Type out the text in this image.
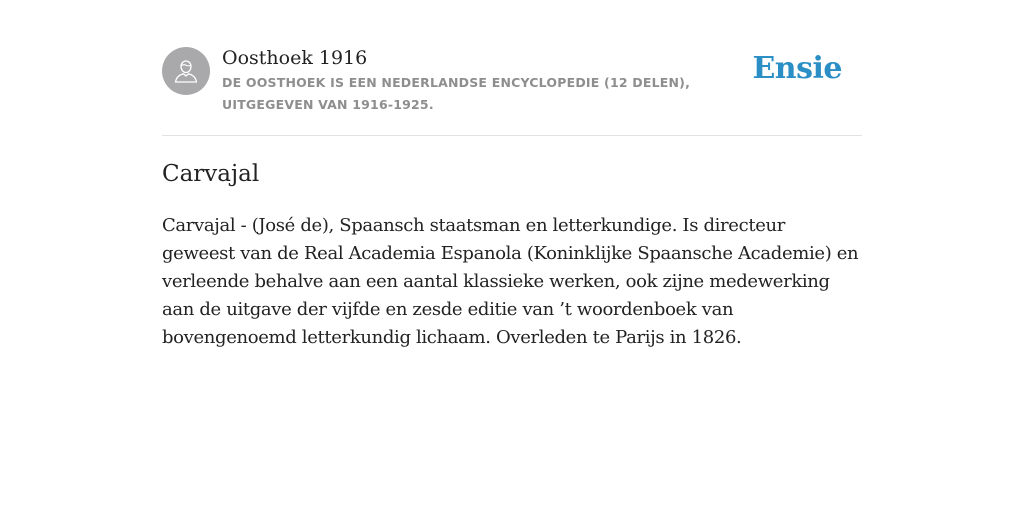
Oosthoek 1916
DE OOSTHOEK IS EEN NEDERLANDSE ENCYCLOPEDIE (12 DELEN), UITGEGEVEN VAN 1916-1925.
Ensie
Carvajal

Carvajal - (José de), Spaansch staatsman en letterkundige. Is directeur geweest van de Real Academia Espanola (Koninklijke Spaansche Academie) en verleende behalve aan een aantal klassieke werken, ook zijne medewerking aan de uitgave der vijfde en zesde editie van ’t woordenboek van bovengenoemd letterkundig lichaam. Overleden te Parijs in 1826.
